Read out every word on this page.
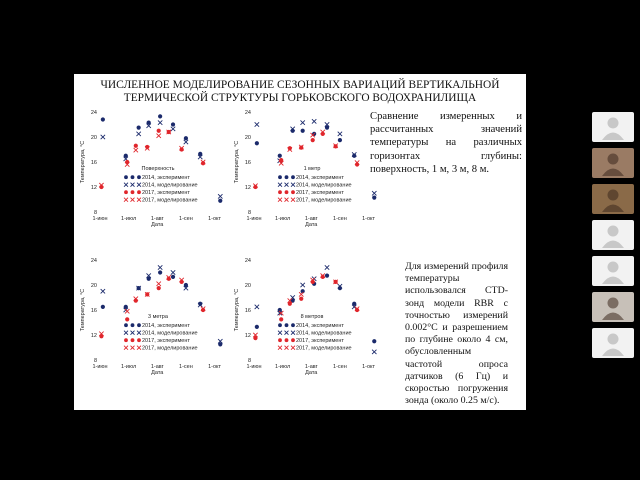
ЧИСЛЕННОЕ МОДЕЛИРОВАНИЕ СЕЗОННЫХ ВАРИАЦИЙ ВЕРТИКАЛЬНОЙ
ТЕРМИЧЕСКОЙ СТРУКТУРЫ ГОРЬКОВСКОГО ВОДОХРАНИЛИЩА
Температура, °С
8
12
16
20
24
1-июн 1-июл	1-авг	1-сен	1-окт
Дата
Поверхность
2014, эксперимент
2014, моделирование
2017, эксперимент
2017, моделирование
Температура, °С
8
12
16
20
24
1-июн 1-июл	1-авг	1-сен	1-окт
Дата
1 метр
2014, эксперимент
2014, моделирование
2017, эксперимент
2017, моделирование
Температура, °С
8
12
16
20
24
1-июн 1-июл	1-авг	1-сен	1-окт
Дата
3 метра
2014, эксперимент
2014, моделирование
2017, эксперимент
2017, моделирование
Температура, °С
8
12
16
20
24
1-июн 1-июл	1-авг	1-сен	1-окт
Дата
8 метров
2014, эксперимент
2014, моделирование
2017, эксперимент
2017, моделирование
Сравнение измеренных и рассчитанных значений температуры на различных горизонтах глубины: поверхность, 1 м, 3 м, 8 м.
Для измерений профиля температуры использовался CTD-зонд модели RBR с точностью измерений 0.002°C и разрешением по глубине около 4 см, обусловленным частотой опроса датчиков (6 Гц) и скоростью погружения зонда (около 0.25 м/с).
